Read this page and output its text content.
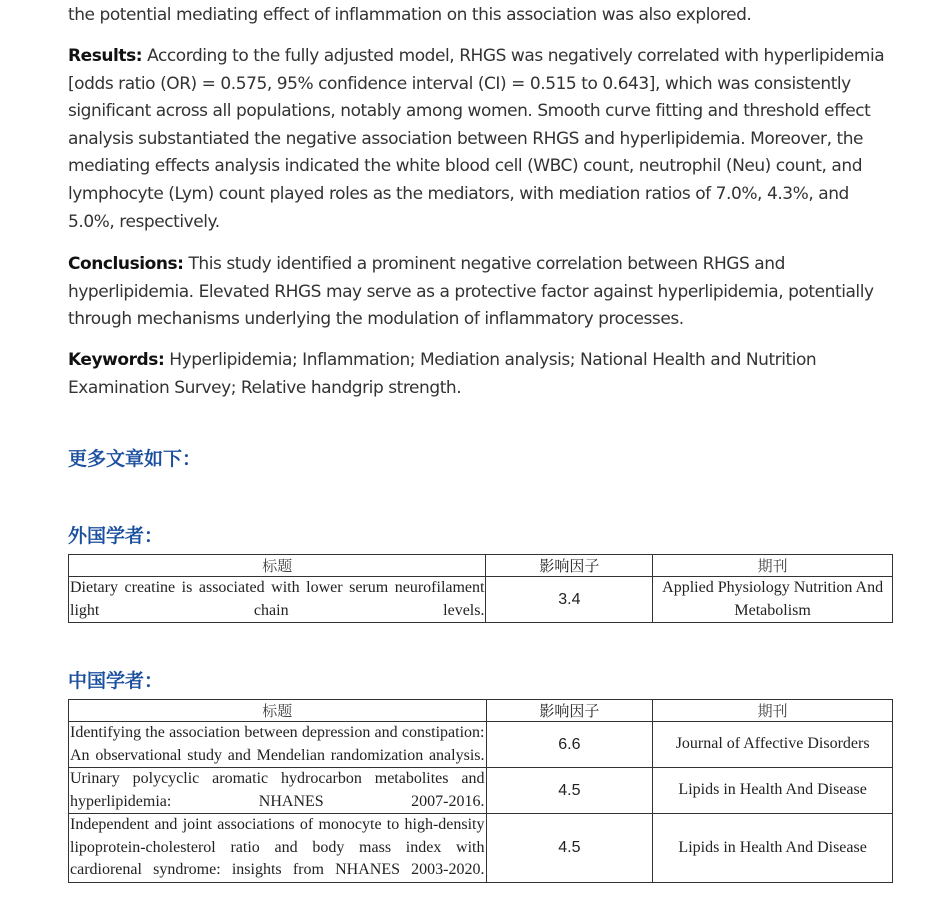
the potential mediating effect of inflammation on this association was also explored.

Results: According to the fully adjusted model, RHGS was negatively correlated with hyperlipidemia [odds ratio (OR) = 0.575, 95% confidence interval (CI) = 0.515 to 0.643], which was consistently significant across all populations, notably among women. Smooth curve fitting and threshold effect analysis substantiated the negative association between RHGS and hyperlipidemia. Moreover, the mediating effects analysis indicated the white blood cell (WBC) count, neutrophil (Neu) count, and lymphocyte (Lym) count played roles as the mediators, with mediation ratios of 7.0%, 4.3%, and 5.0%, respectively.

Conclusions: This study identified a prominent negative correlation between RHGS and hyperlipidemia. Elevated RHGS may serve as a protective factor against hyperlipidemia, potentially through mechanisms underlying the modulation of inflammatory processes.

Keywords: Hyperlipidemia; Inflammation; Mediation analysis; National Health and Nutrition Examination Survey; Relative handgrip strength.

更多文章如下：
外国学者：
标题	影响因子	期刊
Dietary creatine is associated with lower serum neurofilament light chain levels.	3.4	Applied Physiology Nutrition And Metabolism
中国学者：
标题	影响因子	期刊
Identifying the association between depression and constipation: An observational study and Mendelian randomization analysis.	6.6	Journal of Affective Disorders
Urinary polycyclic aromatic hydrocarbon metabolites and hyperlipidemia: NHANES 2007-2016.	4.5	Lipids in Health And Disease
Independent and joint associations of monocyte to high-density lipoprotein-cholesterol ratio and body mass index with cardiorenal syndrome: insights from NHANES 2003-2020.	4.5	Lipids in Health And Disease
